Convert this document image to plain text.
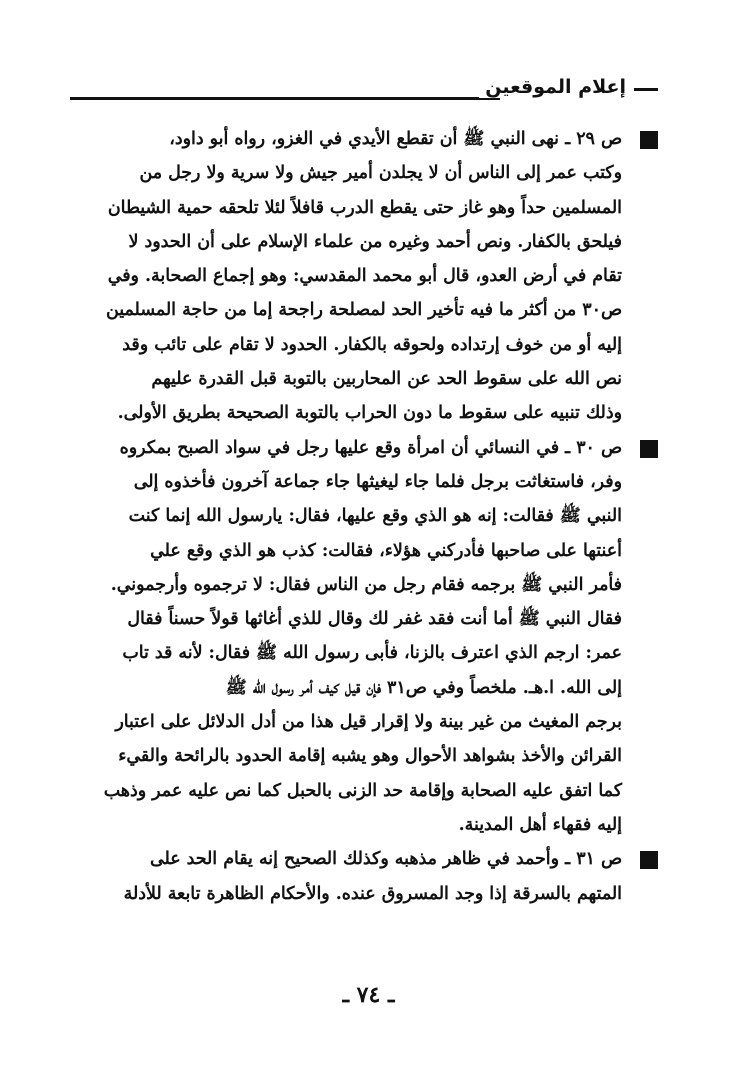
إعلام الموقعين
ص ٢٩ ـ نهى النبي ﷺ أن تقطع الأيدي في الغزو، رواه أبو داود،
وكتب عمر إلى الناس أن لا يجلدن أمير جيش ولا سرية ولا رجل من
المسلمين حداً وهو غاز حتى يقطع الدرب قافلاً لئلا تلحقه حمية الشيطان
فيلحق بالكفار. ونص أحمد وغيره من علماء الإسلام على أن الحدود لا
تقام في أرض العدو، قال أبو محمد المقدسي: وهو إجماع الصحابة. وفي
ص٣٠ من أكثر ما فيه تأخير الحد لمصلحة راجحة إما من حاجة المسلمين
إليه أو من خوف إرتداده ولحوقه بالكفار. الحدود لا تقام على تائب وقد
نص الله على سقوط الحد عن المحاربين بالتوبة قبل القدرة عليهم
وذلك تنبيه على سقوط ما دون الحراب بالتوبة الصحيحة بطريق الأولى.
ص ٣٠ ـ في النسائي أن امرأة وقع عليها رجل في سواد الصبح بمكروه
وفر، فاستغاثت برجل فلما جاء ليغيثها جاء جماعة آخرون فأخذوه إلى
النبي ﷺ فقالت: إنه هو الذي وقع عليها، فقال: يارسول الله إنما كنت
أعنتها على صاحبها فأدركني هؤلاء، فقالت: كذب هو الذي وقع علي
فأمر النبي ﷺ برجمه فقام رجل من الناس فقال: لا ترجموه وأرجموني.
فقال النبي ﷺ أما أنت فقد غفر لك وقال للذي أغاثها قولاً حسناً فقال
عمر: ارجم الذي اعترف بالزنا، فأبى رسول الله ﷺ فقال: لأنه قد تاب
إلى الله. ا.هـ. ملخصاً وفي ص٣١ فإن قيل كيف أمر رسول الله ﷺ
برجم المغيث من غير بينة ولا إقرار قيل هذا من أدل الدلائل على اعتبار
القرائن والأخذ بشواهد الأحوال وهو يشبه إقامة الحدود بالرائحة والقيء
كما اتفق عليه الصحابة وإقامة حد الزنى بالحبل كما نص عليه عمر وذهب
إليه فقهاء أهل المدينة.
ص ٣١ ـ وأحمد في ظاهر مذهبه وكذلك الصحيح إنه يقام الحد على
المتهم بالسرقة إذا وجد المسروق عنده. والأحكام الظاهرة تابعة للأدلة
ـ ٧٤ ـ
